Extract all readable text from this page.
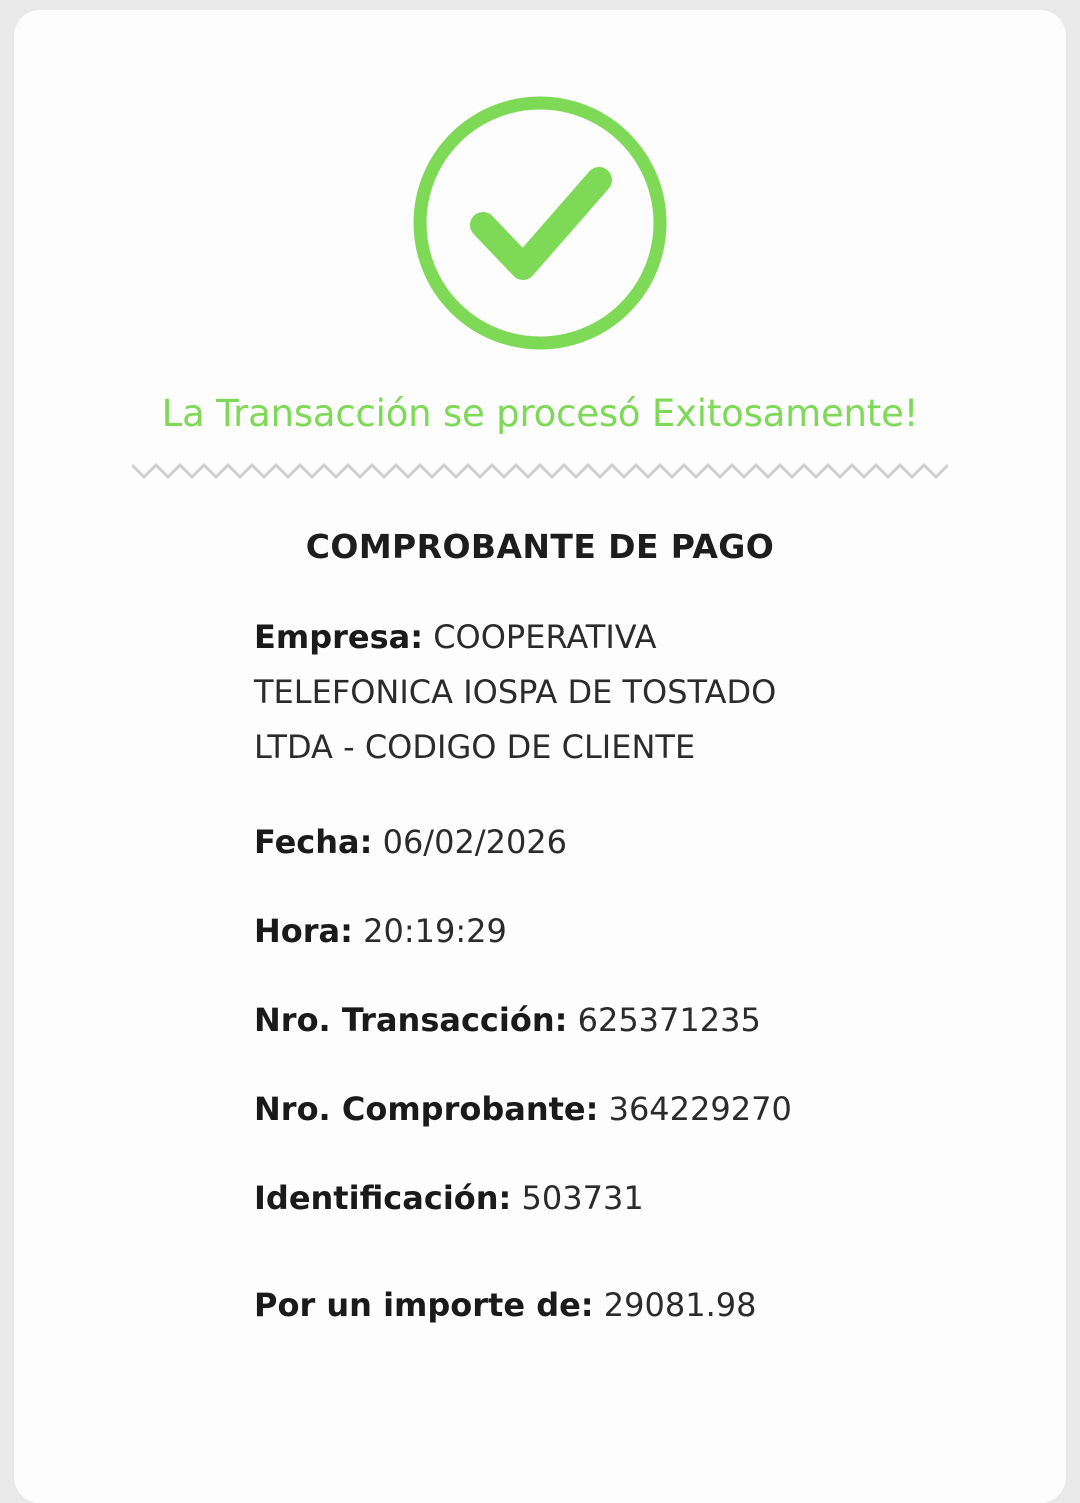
La Transacción se procesó Exitosamente!
COMPROBANTE DE PAGO
Empresa: COOPERATIVA TELEFONICA IOSPA DE TOSTADO LTDA - CODIGO DE CLIENTE
Fecha: 06/02/2026
Hora: 20:19:29
Nro. Transacción: 625371235
Nro. Comprobante: 364229270
Identificación: 503731
Por un importe de: 29081.98
